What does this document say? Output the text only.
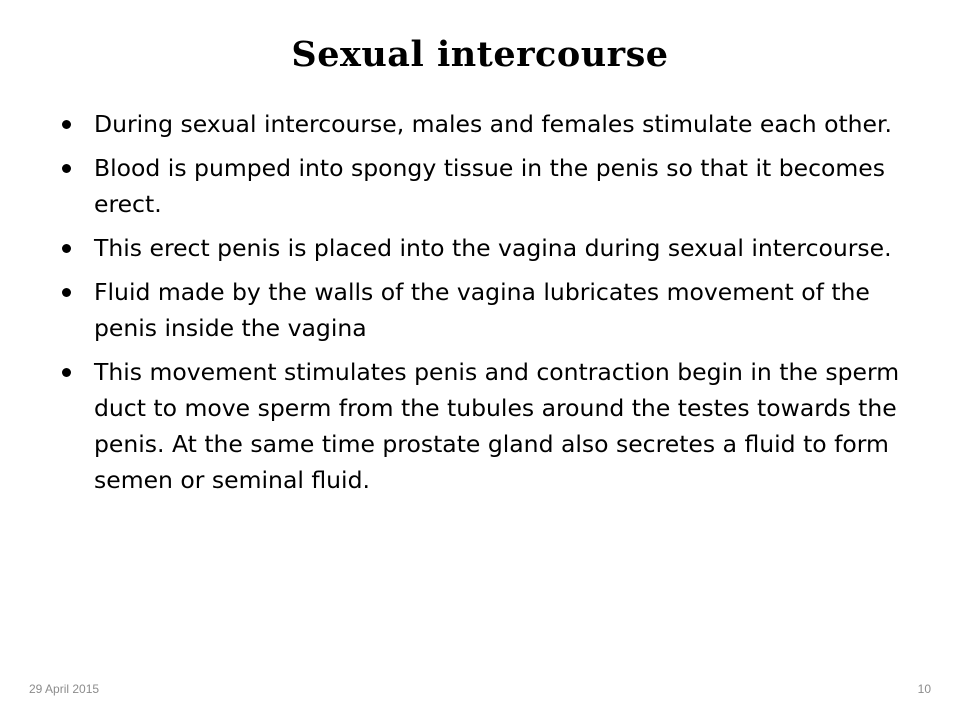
Sexual intercourse
During sexual intercourse, males and females stimulate each other.
Blood is pumped into spongy tissue in the penis so that it becomes erect.
This erect penis is placed into the vagina during sexual intercourse.
Fluid made by the walls of the vagina lubricates movement of the penis inside the vagina
This movement stimulates penis and contraction begin in the sperm duct to move sperm from the tubules around the testes towards the penis. At the same time prostate gland also secretes a fluid to form semen or seminal fluid.
29 April 2015	10
